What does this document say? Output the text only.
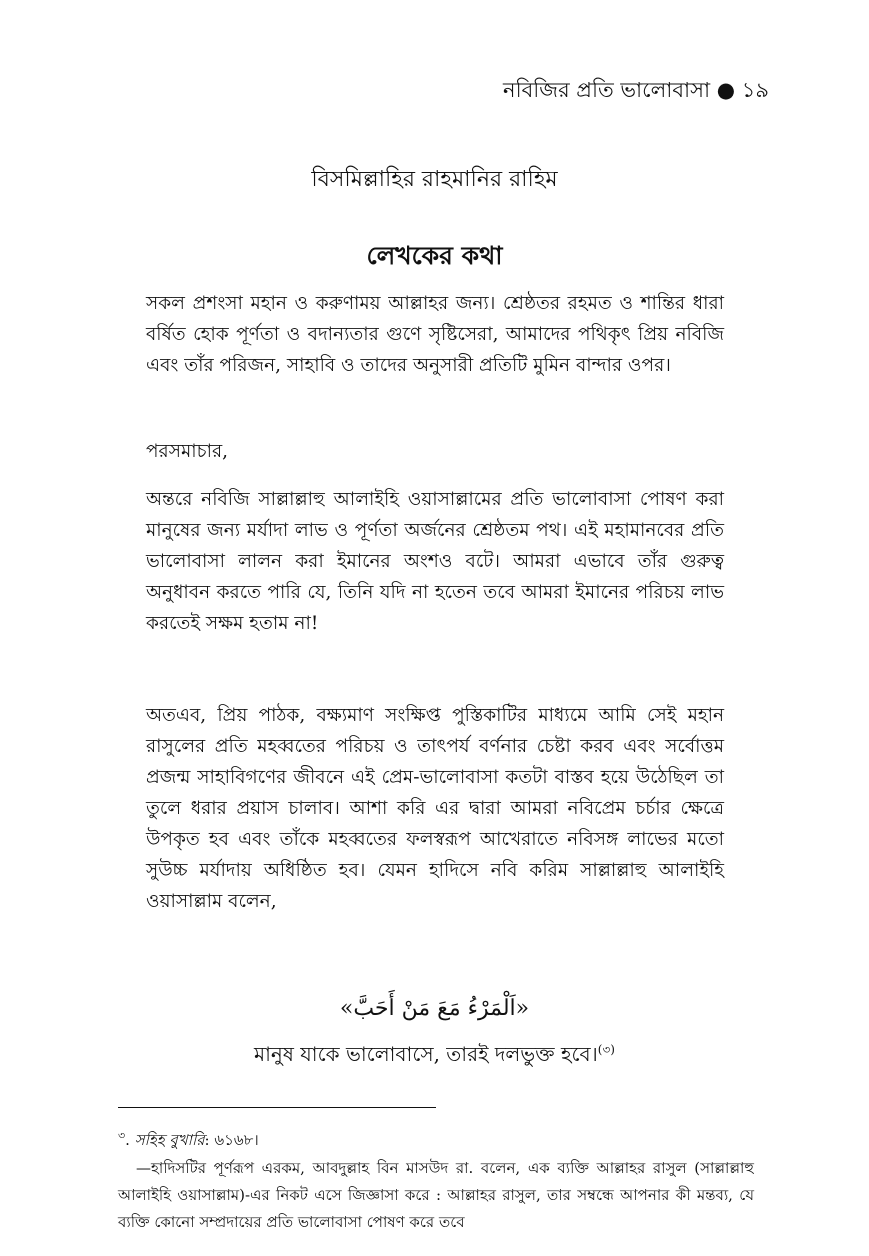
নবিজির প্রতি ভালোবাসা ● ১৯
বিসমিল্লাহির রাহমানির রাহিম
লেখকের কথা

সকল প্রশংসা মহান ও করুণাময় আল্লাহর জন্য। শ্রেষ্ঠতর রহমত ও শান্তির ধারা বর্ষিত হোক পূর্ণতা ও বদান্যতার গুণে সৃষ্টিসেরা, আমাদের পথিকৃৎ প্রিয় নবিজি এবং তাঁর পরিজন, সাহাবি ও তাদের অনুসারী প্রতিটি মুমিন বান্দার ওপর।

পরসমাচার,

অন্তরে নবিজি সাল্লাল্লাহু আলাইহি ওয়াসাল্লামের প্রতি ভালোবাসা পোষণ করা মানুষের জন্য মর্যাদা লাভ ও পূর্ণতা অর্জনের শ্রেষ্ঠতম পথ। এই মহামানবের প্রতি ভালোবাসা লালন করা ইমানের অংশও বটে। আমরা এভাবে তাঁর গুরুত্ব অনুধাবন করতে পারি যে, তিনি যদি না হতেন তবে আমরা ইমানের পরিচয় লাভ করতেই সক্ষম হতাম না!

অতএব, প্রিয় পাঠক, বক্ষ্যমাণ সংক্ষিপ্ত পুস্তিকাটির মাধ্যমে আমি সেই মহান রাসুলের প্রতি মহব্বতের পরিচয় ও তাৎপর্য বর্ণনার চেষ্টা করব এবং সর্বোত্তম প্রজন্ম সাহাবিগণের জীবনে এই প্রেম-ভালোবাসা কতটা বাস্তব হয়ে উঠেছিল তা তুলে ধরার প্রয়াস চালাব। আশা করি এর দ্বারা আমরা নবিপ্রেম চর্চার ক্ষেত্রে উপকৃত হব এবং তাঁকে মহব্বতের ফলস্বরূপ আখেরাতে নবিসঙ্গ লাভের মতো সুউচ্চ মর্যাদায় অধিষ্ঠিত হব। যেমন হাদিসে নবি করিম সাল্লাল্লাহু আলাইহি ওয়াসাল্লাম বলেন,

«اَلْمَرْءُ مَعَ مَنْ أَحَبَّ»
মানুষ যাকে ভালোবাসে, তারই দলভুক্ত হবে।$^{(৩)}$
$^৩$. সহিহ বুখারি: ৬১৬৮।
—হাদিসটির পূর্ণরূপ এরকম, আবদুল্লাহ বিন মাসউদ রা. বলেন, এক ব্যক্তি আল্লাহর রাসুল (সাল্লাল্লাহু আলাইহি ওয়াসাল্লাম)-এর নিকট এসে জিজ্ঞাসা করে : আল্লাহর রাসুল, তার সম্বন্ধে আপনার কী মন্তব্য, যে ব্যক্তি কোনো সম্প্রদায়ের প্রতি ভালোবাসা পোষণ করে তবে
